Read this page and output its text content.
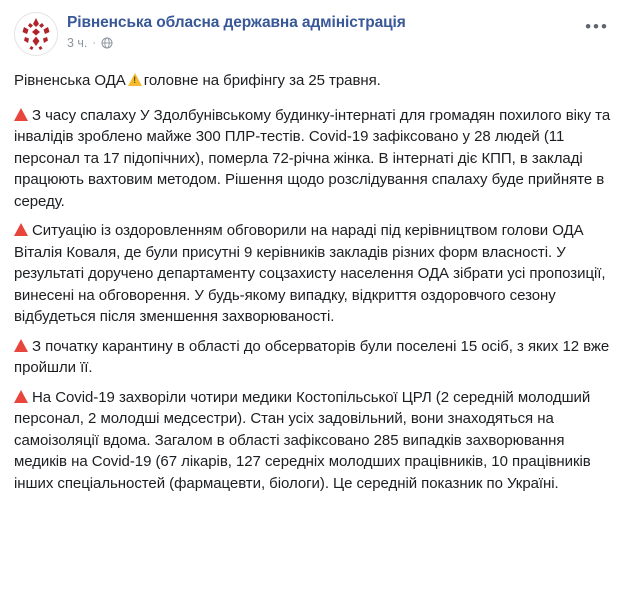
Рівненська обласна державна адміністрація
3 ч. ·
•••

Рівненська ОДА ! головне на брифінгу за 25 травня.

З часу спалаху У Здолбунівському будинку-інтернаті для громадян похилого віку та інвалідів зроблено майже 300 ПЛР-тестів. Covid-19 зафіксовано у 28 людей (11 персонал та 17 підопічних), померла 72-річна жінка. В інтернаті діє КПП, в закладі працюють вахтовим методом. Рішення щодо розслідування спалаху буде прийняте в середу.

Ситуацію із оздоровленням обговорили на нараді під керівництвом голови ОДА Віталія Коваля, де були присутні 9 керівників закладів різних форм власності. У результаті доручено департаменту соцзахисту населення ОДА зібрати усі пропозиції, винесені на обговорення. У будь-якому випадку, відкриття оздоровчого сезону відбудеться після зменшення захворюваності.

З початку карантину в області до обсерваторів були поселені 15 осіб, з яких 12 вже пройшли її.

На Covid-19 захворіли чотири медики Костопільської ЦРЛ (2 середній молодший персонал, 2 молодші медсестри). Стан усіх задовільний, вони знаходяться на самоізоляції вдома. Загалом в області зафіксовано 285 випадків захворювання медиків на Covid-19 (67 лікарів, 127 середніх молодших працівників, 10 працівників інших спеціальностей (фармацевти, біологи). Це середній показник по Україні.
